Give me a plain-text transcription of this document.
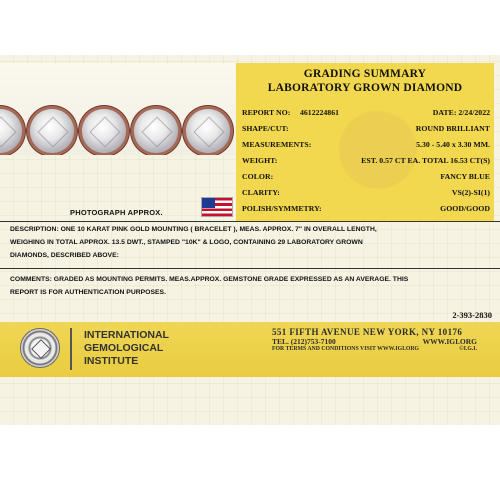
PHOTOGRAPH APPROX.
GRADING SUMMARY
LABORATORY GROWN DIAMOND
REPORT NO: 4612224861	DATE: 2/24/2022
SHAPE/CUT:	ROUND BRILLIANT
MEASUREMENTS:	5.30 - 5.40 x 3.30 MM.
WEIGHT:	EST. 0.57 CT EA. TOTAL 16.53 CT(S)
COLOR:	FANCY BLUE
CLARITY:	VS(2)-SI(1)
POLISH/SYMMETRY:	GOOD/GOOD
DESCRIPTION: ONE 10 KARAT PINK GOLD MOUNTING ( BRACELET ), MEAS. APPROX. 7" IN OVERALL LENGTH,
WEIGHING IN TOTAL APPROX. 13.5 DWT., STAMPED "10K" & LOGO, CONTAINING 29 LABORATORY GROWN
DIAMONDS, DESCRIBED ABOVE:
COMMENTS: GRADED AS MOUNTING PERMITS. MEAS.APPROX. GEMSTONE GRADE EXPRESSED AS AN AVERAGE. THIS
REPORT IS FOR AUTHENTICATION PURPOSES.
2-393-2830
INTERNATIONAL
GEMOLOGICAL
INSTITUTE
551 FIFTH AVENUE NEW YORK, NY 10176
TEL. (212)753-7100	WWW.IGI.ORG
FOR TERMS AND CONDITIONS VISIT WWW.IGI.ORG	©I.G.I.
